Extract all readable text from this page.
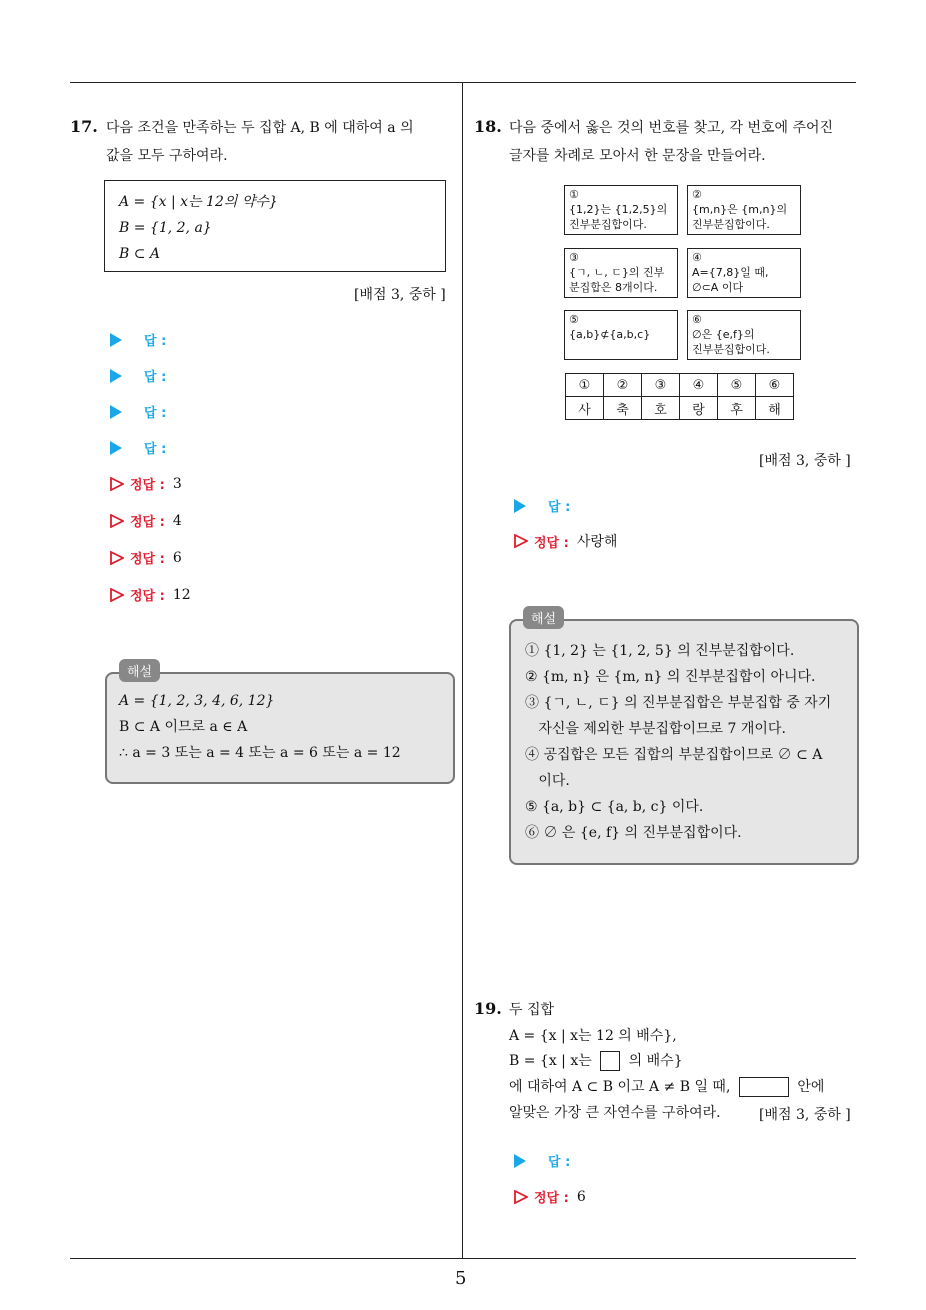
5
17. 다음 조건을 만족하는 두 집합 A, B 에 대하여 a 의
값을 모두 구하여라.
A = {x | x는 12의 약수}
B = {1, 2, a}
B ⊂ A
[배점 3, 중하 ]
답 :
답 :
답 :
답 :
정답 : 3
정답 : 4
정답 : 6
정답 : 12
A = {1, 2, 3, 4, 6, 12}
B ⊂ A 이므로 a ∈ A
∴ a = 3 또는 a = 4 또는 a = 6 또는 a = 12
해설
18. 다음 중에서 옳은 것의 번호를 찾고, 각 번호에 주어진
글자를 차례로 모아서 한 문장을 만들어라.
①
{1,2}는 {1,2,5}의
진부분집합이다.
②
{m,n}은 {m,n}의
진부분집합이다.
③
{ㄱ, ㄴ, ㄷ}의 진부
분집합은 8개이다.
④
A={7,8}일 때,
∅⊂A 이다
⑤
{a,b}⊄{a,b,c}
⑥
∅은 {e,f}의
진부분집합이다.
①	②	③	④	⑤	⑥
사	축	호	랑	후	해
[배점 3, 중하 ]
답 :
정답 : 사랑해
① {1, 2} 는 {1, 2, 5} 의 진부분집합이다.
② {m, n} 은 {m, n} 의 진부분집합이 아니다.
③ {ㄱ, ㄴ, ㄷ} 의 진부분집합은 부분집합 중 자기
자신을 제외한 부분집합이므로 7 개이다.
④ 공집합은 모든 집합의 부분집합이므로 ∅ ⊂ A
이다.
⑤ {a, b} ⊂ {a, b, c} 이다.
⑥ ∅ 은 {e, f} 의 진부분집합이다.
해설
19. 두 집합
A = {x | x는 12 의 배수},
B = {x | x는	의 배수}
에 대하여 A ⊂ B 이고 A ≠ B 일 때,	안에
알맞은 가장 큰 자연수를 구하여라.	[배점 3, 중하 ]
답 :
정답 : 6
